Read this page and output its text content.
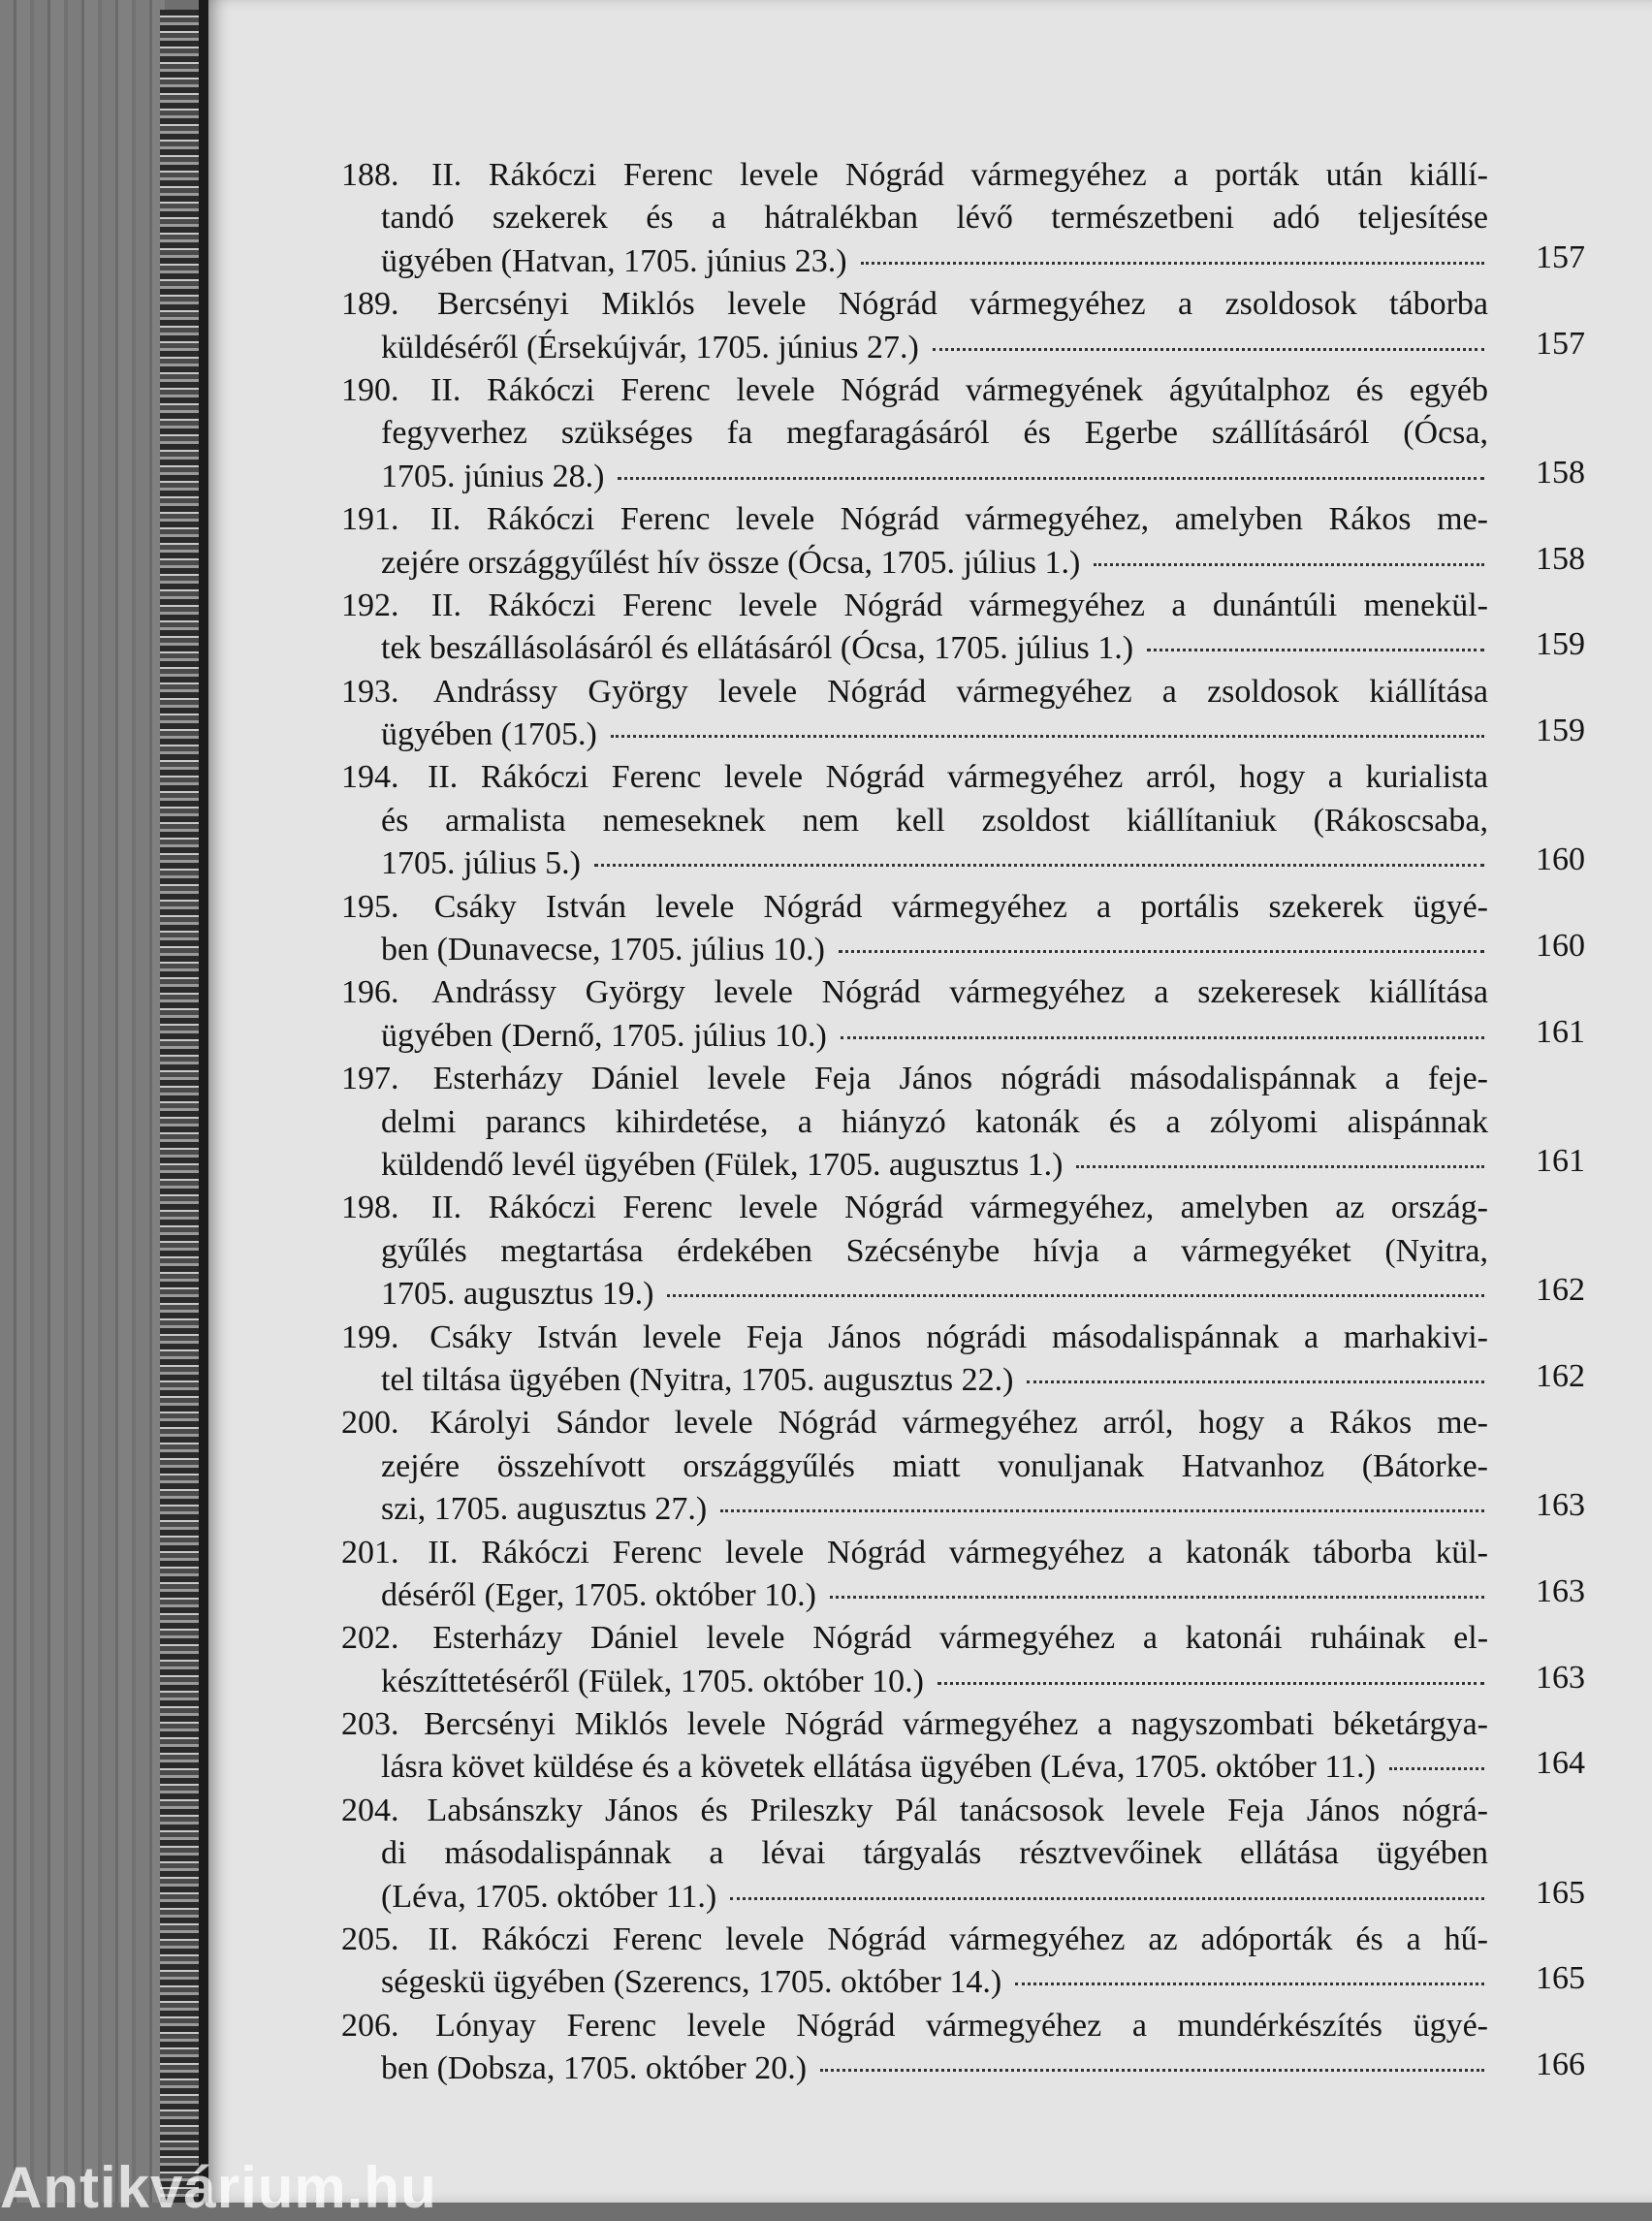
188. II. Rákóczi Ferenc levele Nógrád vármegyéhez a porták után kiállí-
tandó szekerek és a hátralékban lévő természetbeni adó teljesítése
ügyében (Hatvan, 1705. június 23.)	157
189. Bercsényi Miklós levele Nógrád vármegyéhez a zsoldosok táborba
küldéséről (Érsekújvár, 1705. június 27.)	157
190. II. Rákóczi Ferenc levele Nógrád vármegyének ágyútalphoz és egyéb
fegyverhez szükséges fa megfaragásáról és Egerbe szállításáról (Ócsa,
1705. június 28.)	158
191. II. Rákóczi Ferenc levele Nógrád vármegyéhez, amelyben Rákos me-
zejére országgyűlést hív össze (Ócsa, 1705. július 1.)	158
192. II. Rákóczi Ferenc levele Nógrád vármegyéhez a dunántúli menekül-
tek beszállásolásáról és ellátásáról (Ócsa, 1705. július 1.)	159
193. Andrássy György levele Nógrád vármegyéhez a zsoldosok kiállítása
ügyében (1705.)	159
194. II. Rákóczi Ferenc levele Nógrád vármegyéhez arról, hogy a kurialista
és armalista nemeseknek nem kell zsoldost kiállítaniuk (Rákoscsaba,
1705. július 5.)	160
195. Csáky István levele Nógrád vármegyéhez a portális szekerek ügyé-
ben (Dunavecse, 1705. július 10.)	160
196. Andrássy György levele Nógrád vármegyéhez a szekeresek kiállítása
ügyében (Dernő, 1705. július 10.)	161
197. Esterházy Dániel levele Feja János nógrádi másodalispánnak a feje-
delmi parancs kihirdetése, a hiányzó katonák és a zólyomi alispánnak
küldendő levél ügyében (Fülek, 1705. augusztus 1.)	161
198. II. Rákóczi Ferenc levele Nógrád vármegyéhez, amelyben az ország-
gyűlés megtartása érdekében Szécsénybe hívja a vármegyéket (Nyitra,
1705. augusztus 19.)	162
199. Csáky István levele Feja János nógrádi másodalispánnak a marhakivi-
tel tiltása ügyében (Nyitra, 1705. augusztus 22.)	162
200. Károlyi Sándor levele Nógrád vármegyéhez arról, hogy a Rákos me-
zejére összehívott országgyűlés miatt vonuljanak Hatvanhoz (Bátorke-
szi, 1705. augusztus 27.)	163
201. II. Rákóczi Ferenc levele Nógrád vármegyéhez a katonák táborba kül-
déséről (Eger, 1705. október 10.)	163
202. Esterházy Dániel levele Nógrád vármegyéhez a katonái ruháinak el-
készíttetéséről (Fülek, 1705. október 10.)	163
203. Bercsényi Miklós levele Nógrád vármegyéhez a nagyszombati béketárgya-
lásra követ küldése és a követek ellátása ügyében (Léva, 1705. október 11.)	164
204. Labsánszky János és Prileszky Pál tanácsosok levele Feja János nógrá-
di másodalispánnak a lévai tárgyalás résztvevőinek ellátása ügyében
(Léva, 1705. október 11.)	165
205. II. Rákóczi Ferenc levele Nógrád vármegyéhez az adóporták és a hű-
ségeskü ügyében (Szerencs, 1705. október 14.)	165
206. Lónyay Ferenc levele Nógrád vármegyéhez a mundérkészítés ügyé-
ben (Dobsza, 1705. október 20.)	166
Antikvárium.hu
